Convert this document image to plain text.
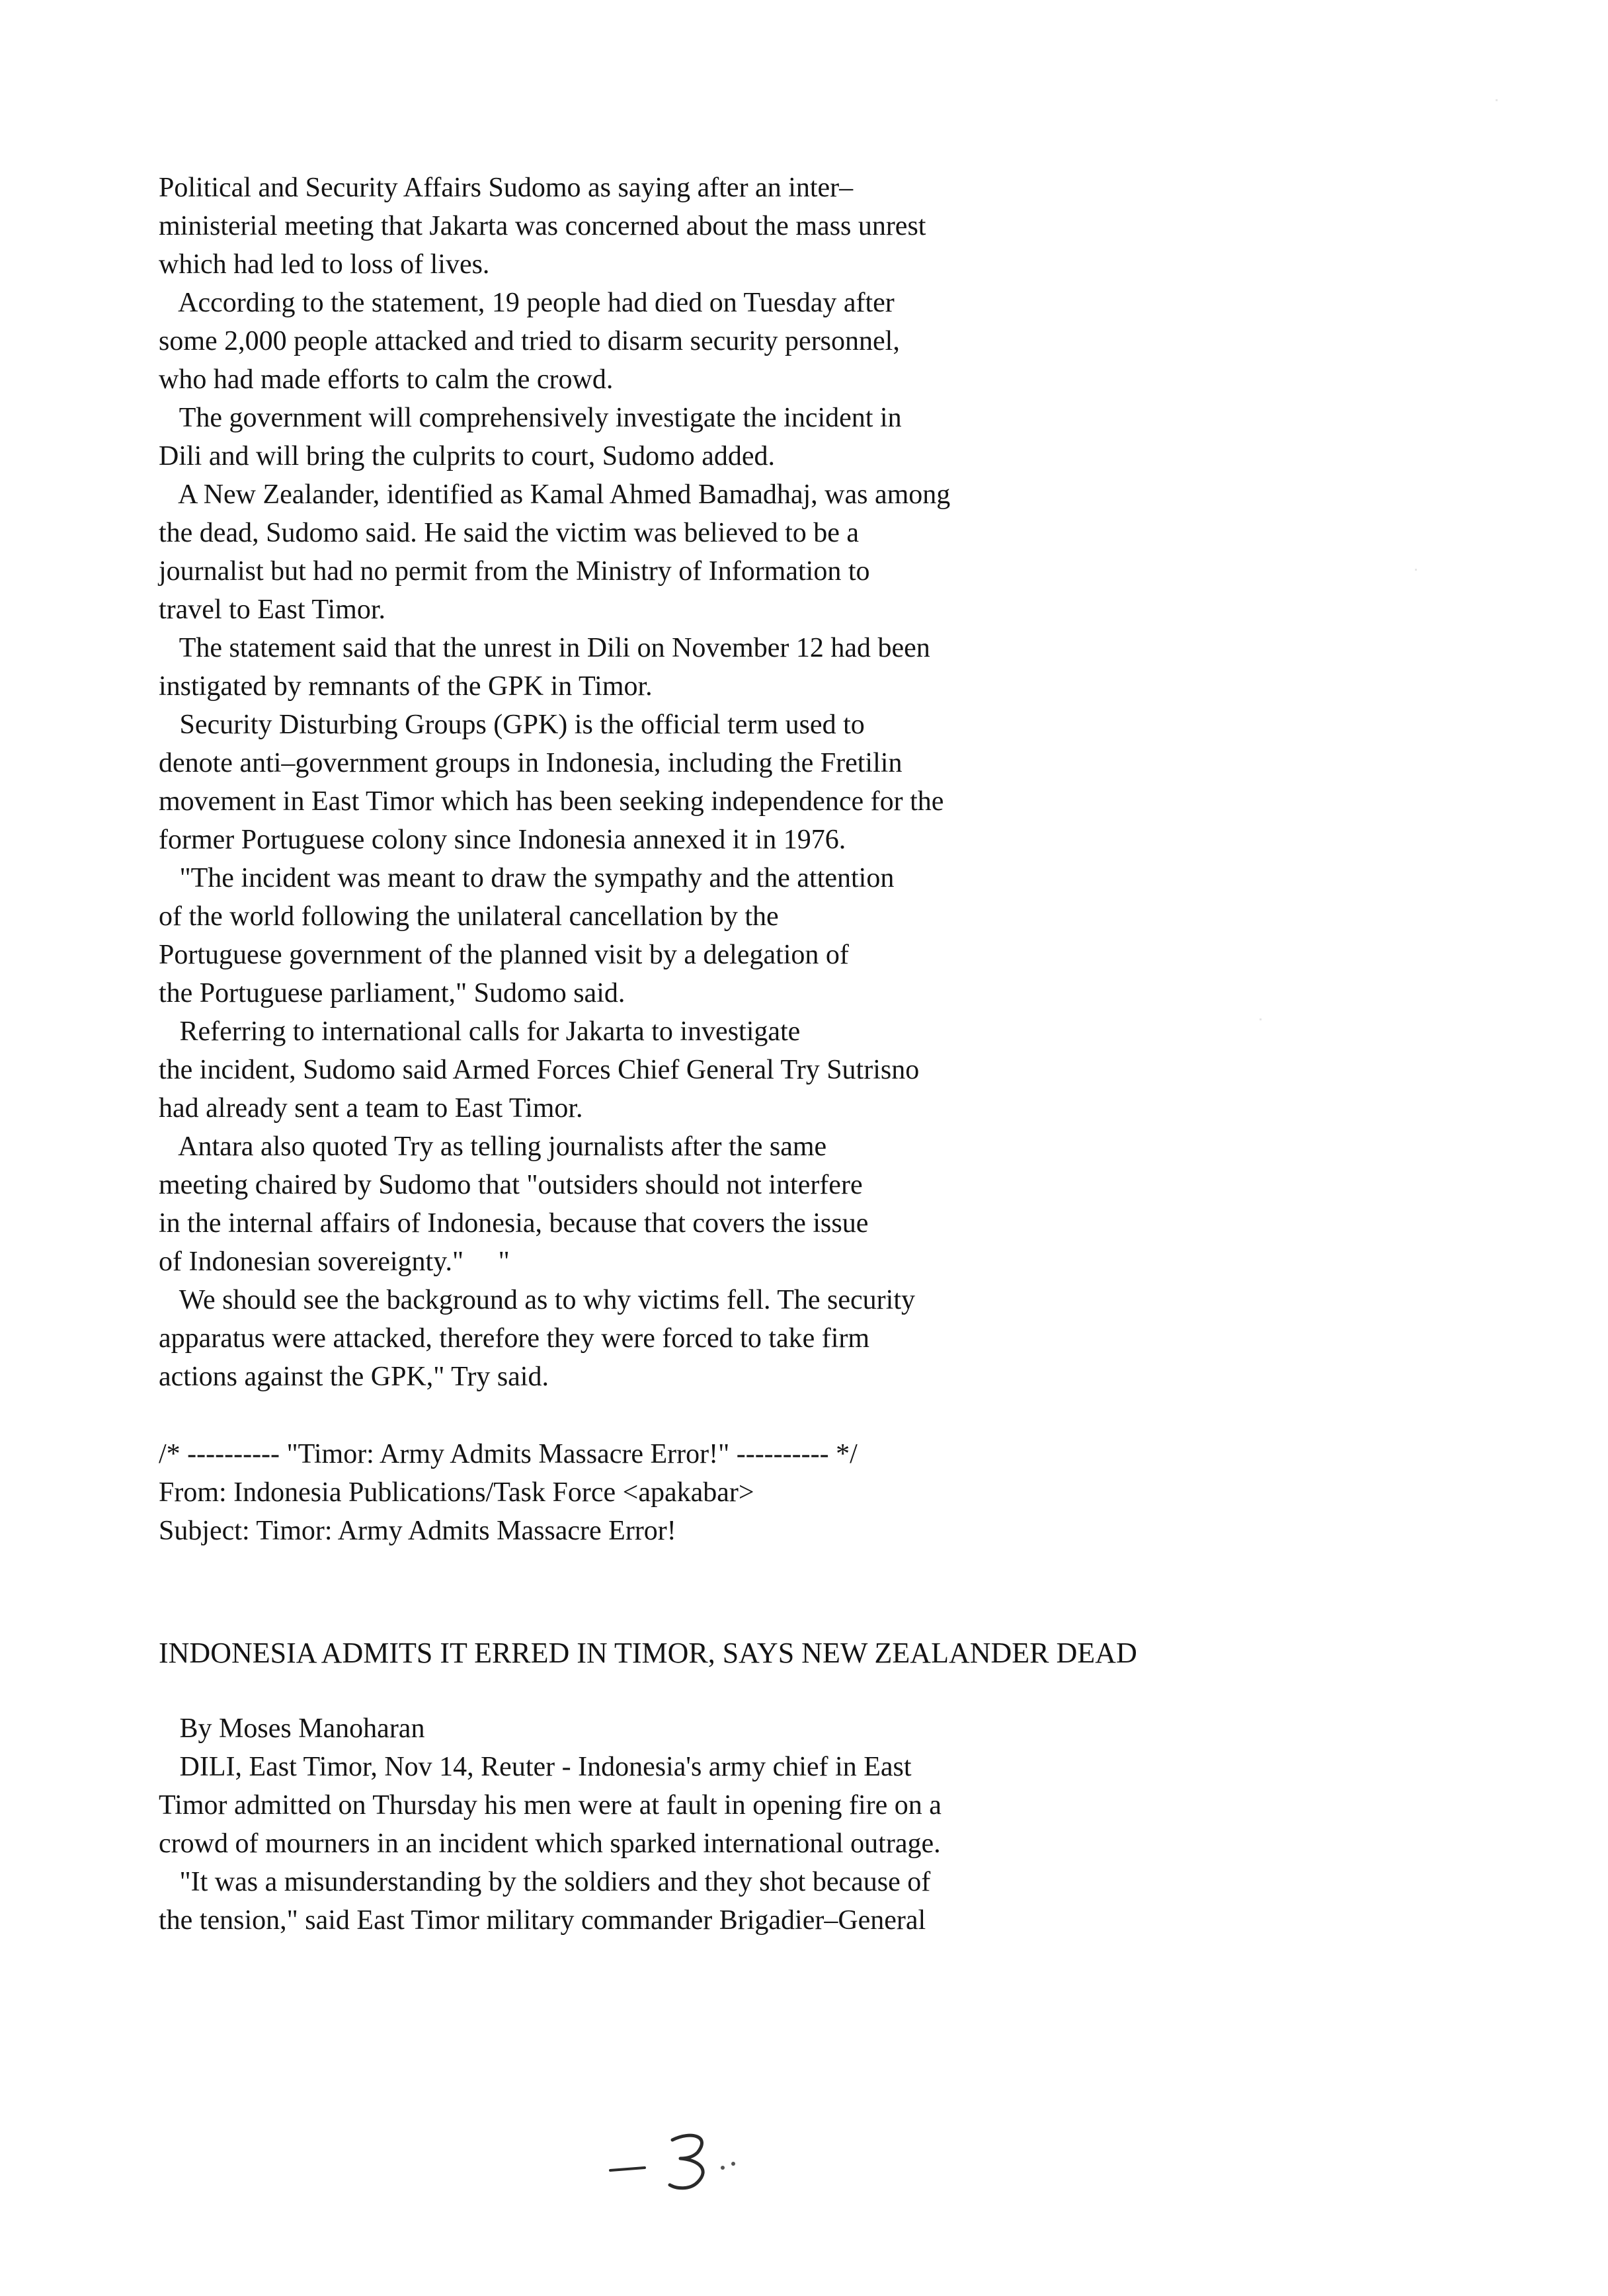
Political and Security Affairs Sudomo as saying after an inter–
ministerial meeting that Jakarta was concerned about the mass unrest
which had led to loss of lives.
According to the statement, 19 people had died on Tuesday after
some 2,000 people attacked and tried to disarm security personnel,
who had made efforts to calm the crowd.
The government will comprehensively investigate the incident in
Dili and will bring the culprits to court, Sudomo added.
A New Zealander, identified as Kamal Ahmed Bamadhaj, was among
the dead, Sudomo said. He said the victim was believed to be a
journalist but had no permit from the Ministry of Information to
travel to East Timor.
The statement said that the unrest in Dili on November 12 had been
instigated by remnants of the GPK in Timor.
Security Disturbing Groups (GPK) is the official term used to
denote anti–government groups in Indonesia, including the Fretilin
movement in East Timor which has been seeking independence for the
former Portuguese colony since Indonesia annexed it in 1976.
"The incident was meant to draw the sympathy and the attention
of the world following the unilateral cancellation by the
Portuguese government of the planned visit by a delegation of
the Portuguese parliament," Sudomo said.
Referring to international calls for Jakarta to investigate
the incident, Sudomo said Armed Forces Chief General Try Sutrisno
had already sent a team to East Timor.
Antara also quoted Try as telling journalists after the same
meeting chaired by Sudomo that "outsiders should not interfere
in the internal affairs of Indonesia, because that covers the issue
of Indonesian sovereignty."     "
We should see the background as to why victims fell. The security
apparatus were attacked, therefore they were forced to take firm
actions against the GPK," Try said.
/* ---------- "Timor: Army Admits Massacre Error!" ---------- */
From: Indonesia Publications/Task Force <apakabar>
Subject: Timor: Army Admits Massacre Error!
INDONESIA ADMITS IT ERRED IN TIMOR, SAYS NEW ZEALANDER DEAD
By Moses Manoharan
DILI, East Timor, Nov 14, Reuter - Indonesia's army chief in East
Timor admitted on Thursday his men were at fault in opening fire on a
crowd of mourners in an incident which sparked international outrage.
"It was a misunderstanding by the soldiers and they shot because of
the tension," said East Timor military commander Brigadier–General
